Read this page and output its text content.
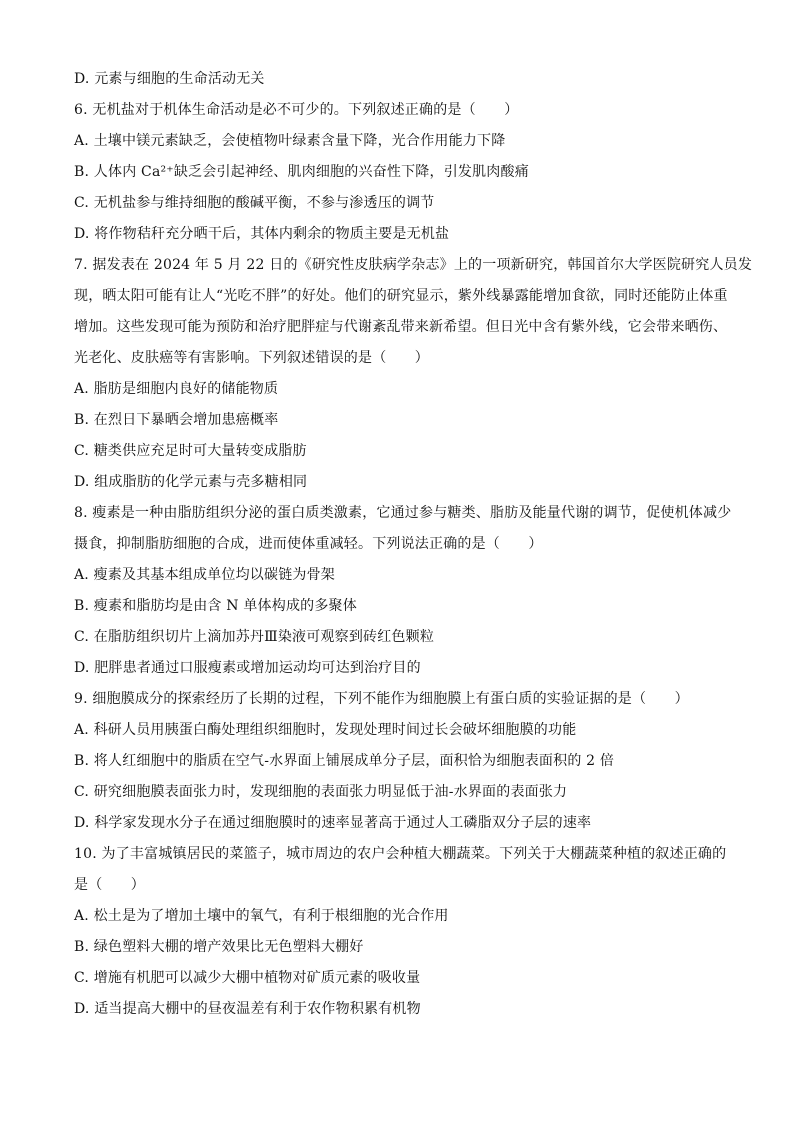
D. 元素与细胞的生命活动无关
6. 无机盐对于机体生命活动是必不可少的。下列叙述正确的是（　　）
A. 土壤中镁元素缺乏，会使植物叶绿素含量下降，光合作用能力下降
B. 人体内 Ca²⁺缺乏会引起神经、肌肉细胞的兴奋性下降，引发肌肉酸痛
C. 无机盐参与维持细胞的酸碱平衡，不参与渗透压的调节
D. 将作物秸秆充分晒干后，其体内剩余的物质主要是无机盐
7. 据发表在 2024 年 5 月 22 日的《研究性皮肤病学杂志》上的一项新研究，韩国首尔大学医院研究人员发
现，晒太阳可能有让人“光吃不胖”的好处。他们的研究显示，紫外线暴露能增加食欲，同时还能防止体重
增加。这些发现可能为预防和治疗肥胖症与代谢紊乱带来新希望。但日光中含有紫外线，它会带来晒伤、
光老化、皮肤癌等有害影响。下列叙述错误的是（　　）
A. 脂肪是细胞内良好的储能物质
B. 在烈日下暴晒会增加患癌概率
C. 糖类供应充足时可大量转变成脂肪
D. 组成脂肪的化学元素与壳多糖相同
8. 瘦素是一种由脂肪组织分泌的蛋白质类激素，它通过参与糖类、脂肪及能量代谢的调节，促使机体减少
摄食，抑制脂肪细胞的合成，进而使体重减轻。下列说法正确的是（　　）
A. 瘦素及其基本组成单位均以碳链为骨架
B. 瘦素和脂肪均是由含 N 单体构成的多聚体
C. 在脂肪组织切片上滴加苏丹Ⅲ染液可观察到砖红色颗粒
D. 肥胖患者通过口服瘦素或增加运动均可达到治疗目的
9. 细胞膜成分的探索经历了长期的过程，下列不能作为细胞膜上有蛋白质的实验证据的是（　　）
A. 科研人员用胰蛋白酶处理组织细胞时，发现处理时间过长会破坏细胞膜的功能
B. 将人红细胞中的脂质在空气-水界面上铺展成单分子层，面积恰为细胞表面积的 2 倍
C. 研究细胞膜表面张力时，发现细胞的表面张力明显低于油-水界面的表面张力
D. 科学家发现水分子在通过细胞膜时的速率显著高于通过人工磷脂双分子层的速率
10. 为了丰富城镇居民的菜篮子，城市周边的农户会种植大棚蔬菜。下列关于大棚蔬菜种植的叙述正确的
是（　　）
A. 松土是为了增加土壤中的氧气，有利于根细胞的光合作用
B. 绿色塑料大棚的增产效果比无色塑料大棚好
C. 增施有机肥可以减少大棚中植物对矿质元素的吸收量
D. 适当提高大棚中的昼夜温差有利于农作物积累有机物
